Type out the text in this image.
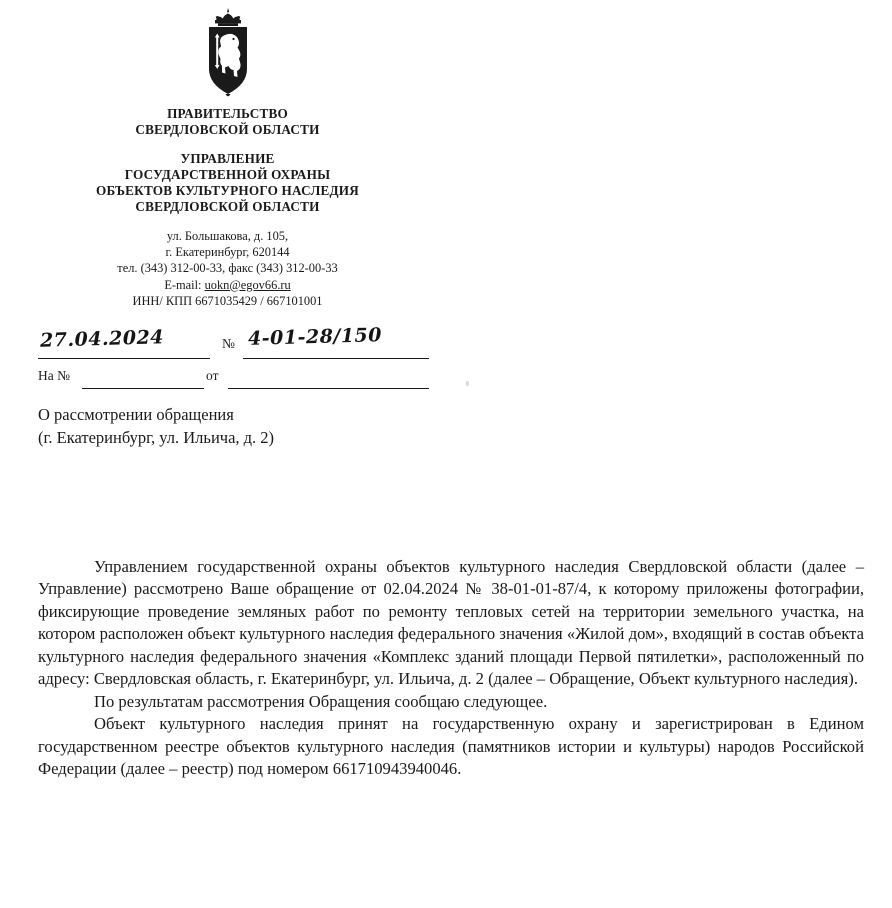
ПРАВИТЕЛЬСТВО
СВЕРДЛОВСКОЙ ОБЛАСТИ
УПРАВЛЕНИЕ
ГОСУДАРСТВЕННОЙ ОХРАНЫ
ОБЪЕКТОВ КУЛЬТУРНОГО НАСЛЕДИЯ
СВЕРДЛОВСКОЙ ОБЛАСТИ
ул. Большакова, д. 105,
г. Екатеринбург, 620144
тел. (343) 312-00-33, факс (343) 312-00-33
E-mail: uokn@egov66.ru
ИНН/ КПП 6671035429 / 667101001
27.04.2024	№ 4-01-28/150
На №	от
О рассмотрении обращения
(г. Екатеринбург, ул. Ильича, д. 2)

Управлением государственной охраны объектов культурного наследия Свердловской области (далее – Управление) рассмотрено Ваше обращение от 02.04.2024 № 38-01-01-87/4, к которому приложены фотографии, фиксирующие проведение земляных работ по ремонту тепловых сетей на территории земельного участка, на котором расположен объект культурного наследия федерального значения «Жилой дом», входящий в состав объекта культурного наследия федерального значения «Комплекс зданий площади Первой пятилетки», расположенный по адресу: Свердловская область, г. Екатеринбург, ул. Ильича, д. 2 (далее – Обращение, Объект культурного наследия).

По результатам рассмотрения Обращения сообщаю следующее.

Объект культурного наследия принят на государственную охрану и зарегистрирован в Едином государственном реестре объектов культурного наследия (памятников истории и культуры) народов Российской Федерации (далее – реестр) под номером 661710943940046.
